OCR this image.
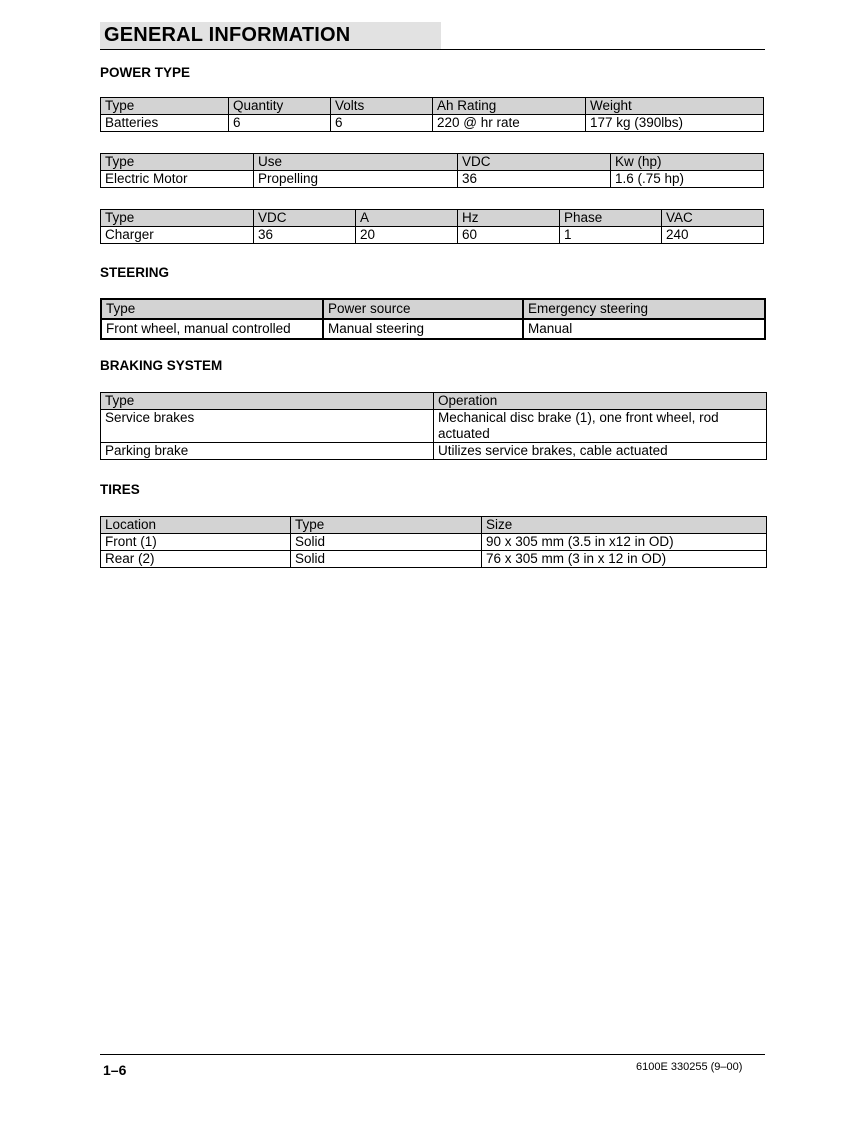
GENERAL INFORMATION
POWER TYPE
Type	Quantity	Volts	Ah Rating	Weight
Batteries	6	6	220 @ hr rate	177 kg (390lbs)
Type	Use	VDC	Kw (hp)
Electric Motor	Propelling	36	1.6 (.75 hp)
Type	VDC	A	Hz	Phase	VAC
Charger	36	20	60	1	240
STEERING
Type	Power source	Emergency steering
Front wheel, manual controlled	Manual steering	Manual
BRAKING SYSTEM
Type	Operation
Service brakes	Mechanical disc brake (1), one front wheel, rod actuated
Parking brake	Utilizes service brakes, cable actuated
TIRES
Location	Type	Size
Front (1)	Solid	90 x 305 mm (3.5 in x12 in OD)
Rear (2)	Solid	76 x 305 mm (3 in x 12 in OD)
1–6	6100E 330255 (9–00)
